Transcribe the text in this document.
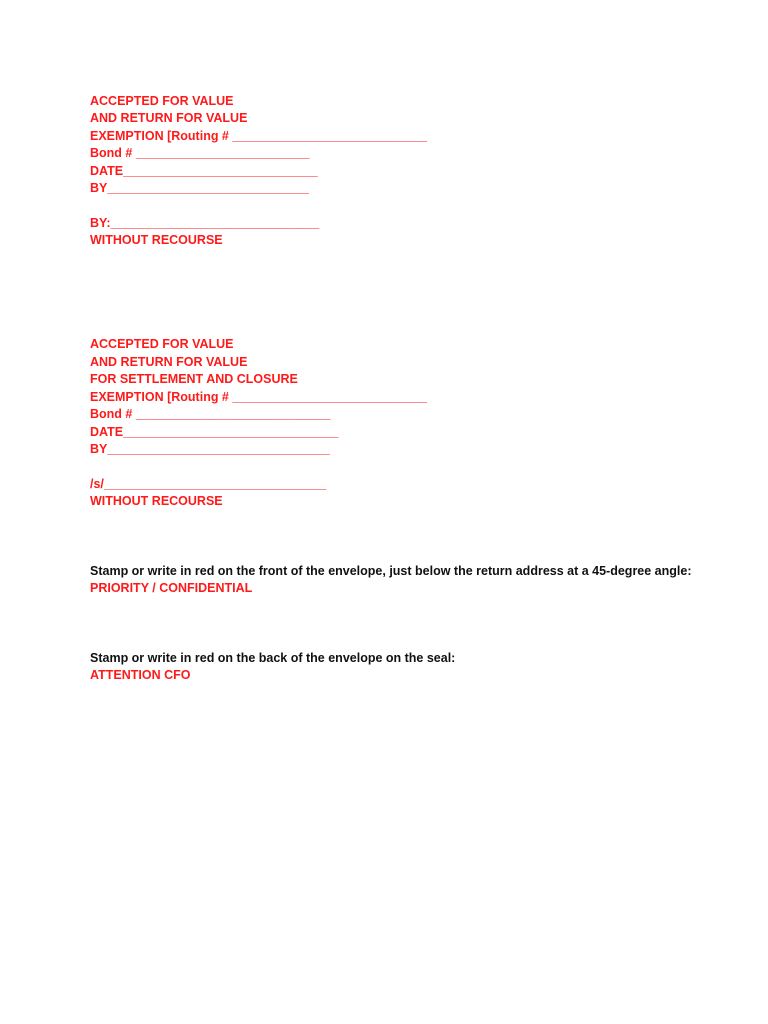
ACCEPTED FOR VALUE

AND RETURN FOR VALUE

EXEMPTION [Routing # ____________________________

Bond # _________________________

DATE____________________________

BY_____________________________

BY:______________________________

WITHOUT RECOURSE

ACCEPTED FOR VALUE

AND RETURN FOR VALUE

FOR SETTLEMENT AND CLOSURE

EXEMPTION [Routing # ____________________________

Bond # ____________________________

DATE_______________________________

BY________________________________

/s/________________________________

WITHOUT RECOURSE

Stamp or write in red on the front of the envelope, just below the return address at a 45-degree angle:

PRIORITY / CONFIDENTIAL

Stamp or write in red on the back of the envelope on the seal:

ATTENTION CFO
